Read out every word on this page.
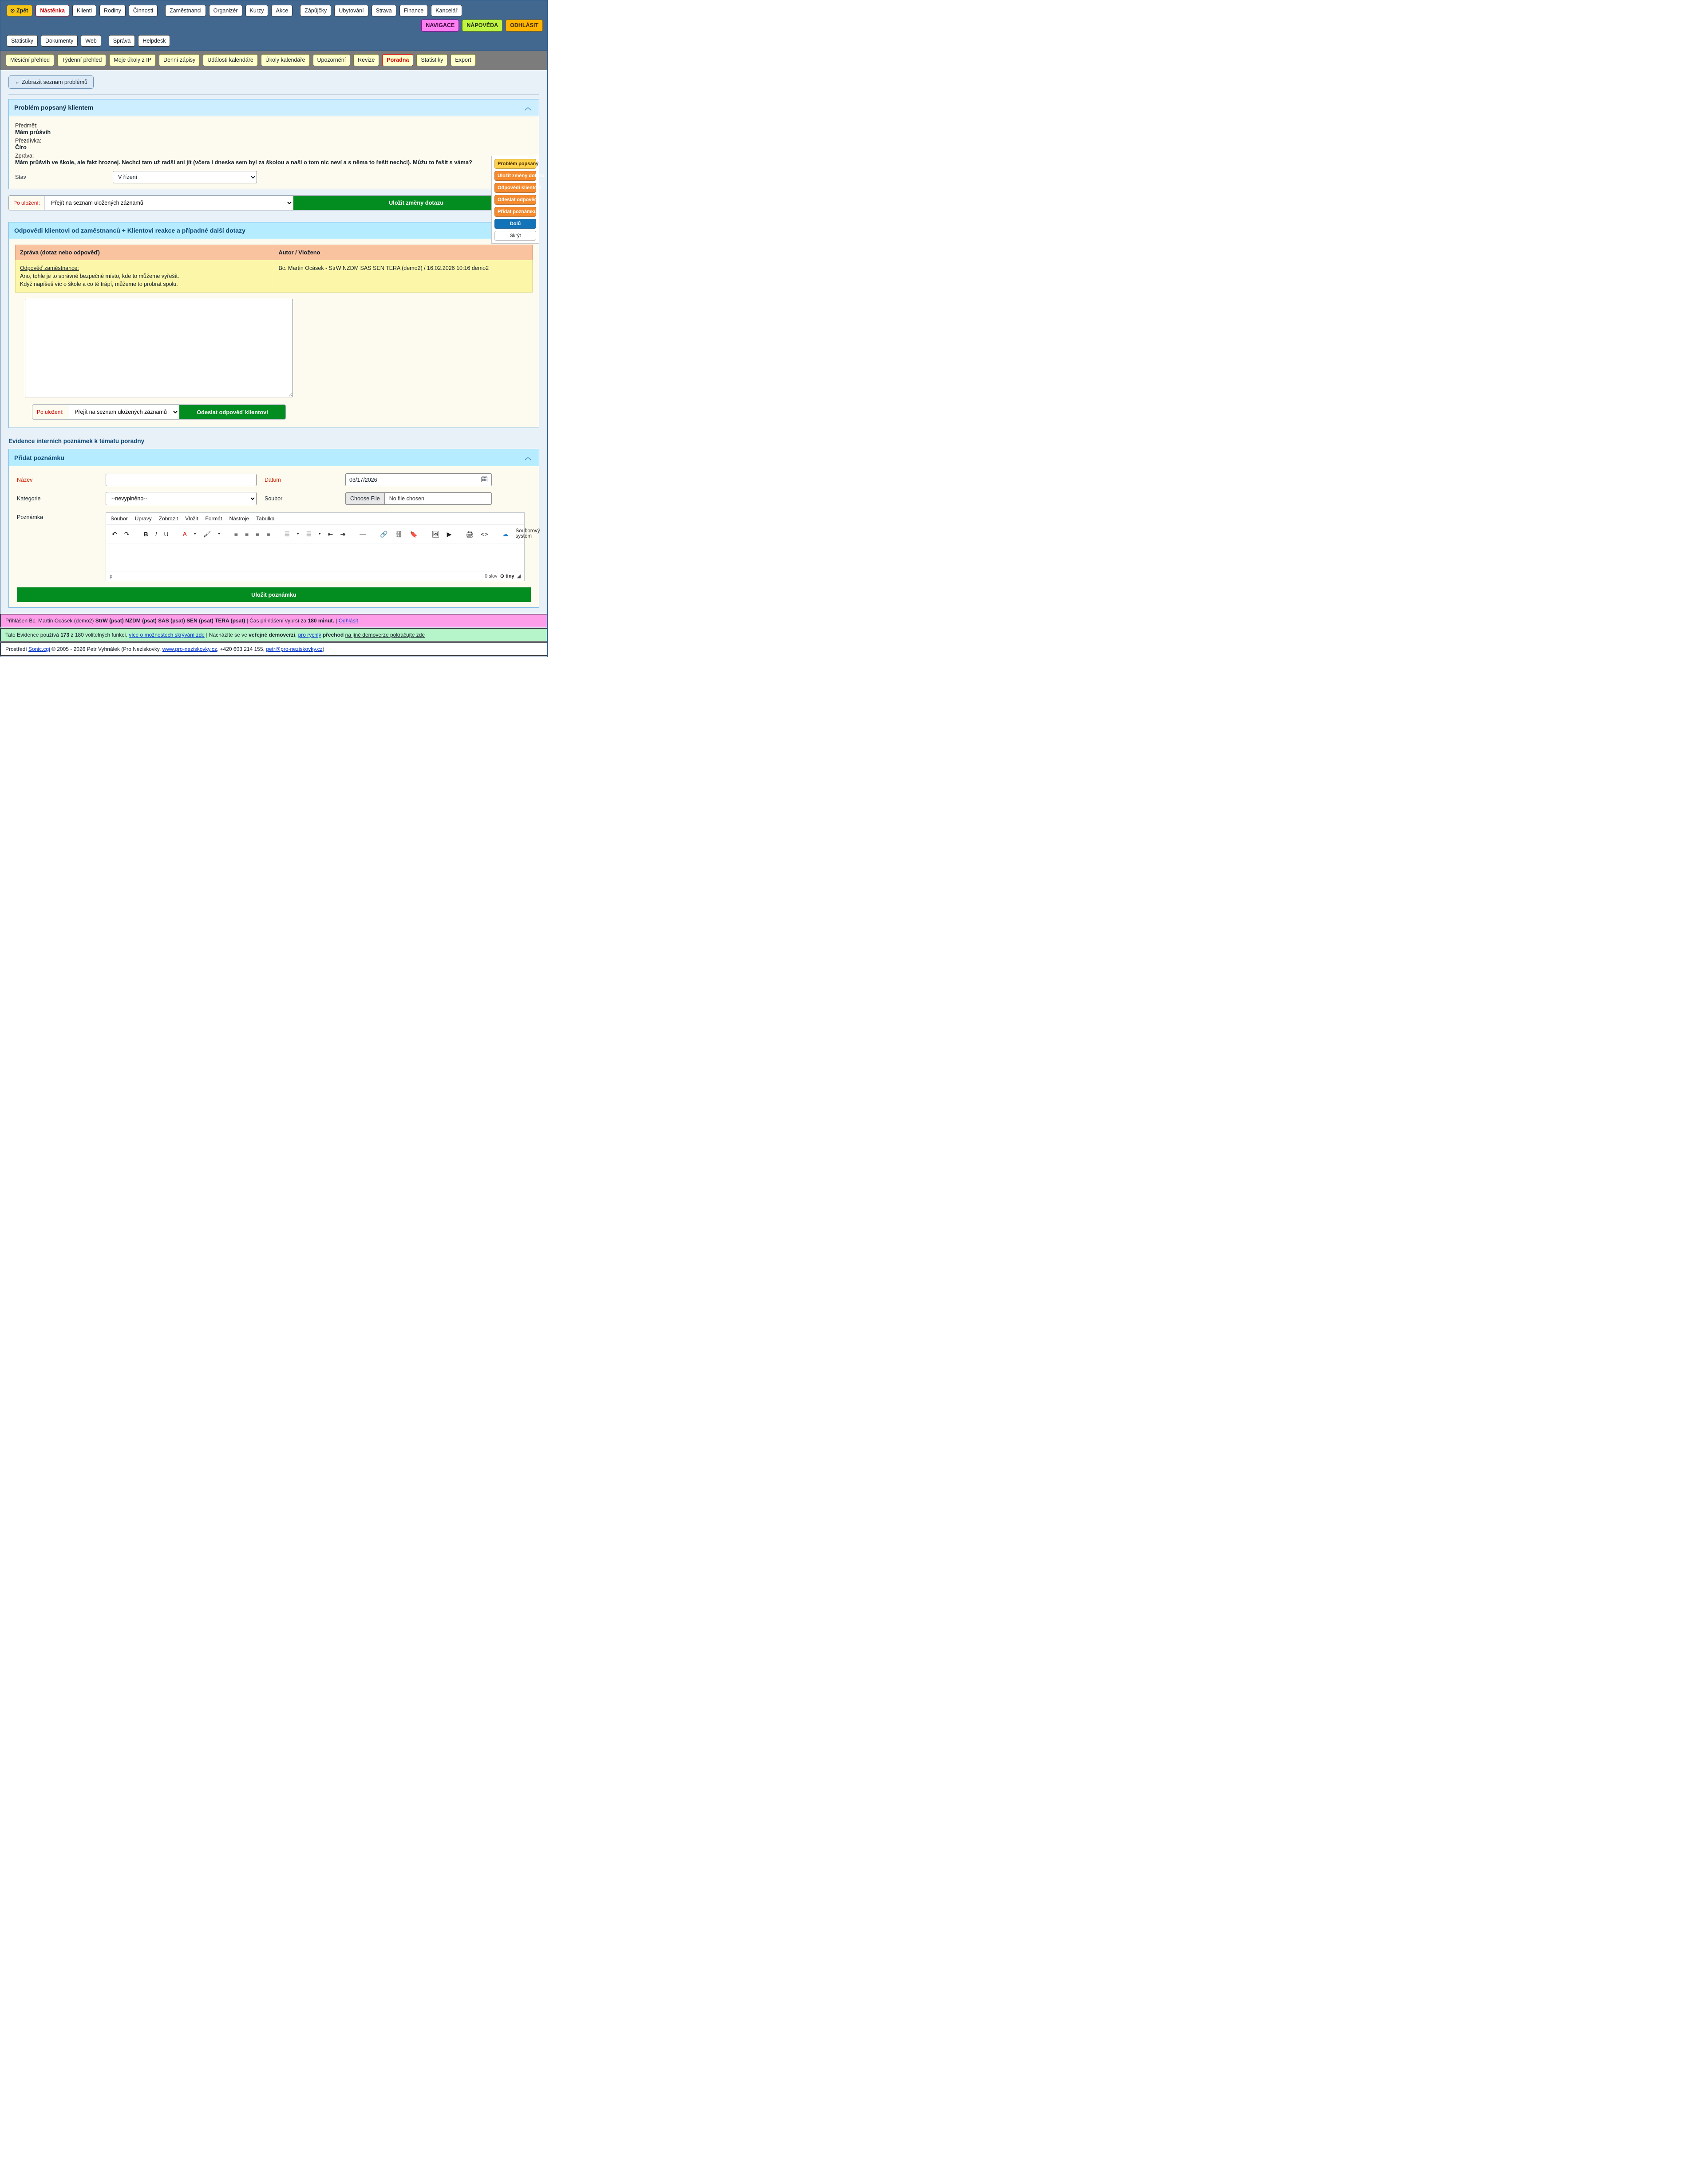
⊙ Zpět	Nástěnka	Klienti	Rodiny	Činnosti	Zaměstnanci	Organizér	Kurzy	Akce	Zápůjčky	Ubytování	Strava	Finance	Kancelář
NAVIGACE	NÁPOVĚDA	ODHLÁSIT
Statistiky	Dokumenty	Web	Správa	Helpdesk
Měsíční přehled	Týdenní přehled	Moje úkoly z IP	Denní zápisy	Události kalendáře	Úkoly kalendáře	Upozornění	Revize	Poradna	Statistiky	Export
← Zobrazit seznam problémů
Problém popsaný klientem	︿
Předmět:
Mám průšvih
Přezdívka:
Číro
Zpráva:
Mám průšvih ve škole, ale fakt hroznej. Nechci tam už radši ani jít (včera i dneska sem byl za školou a naši o tom nic neví a s něma to řešit nechci). Můžu to řešit s váma?
Stav
V řízení
Po uložení:
Přejít na seznam uložených záznamů	Uložit změny dotazu
Problém popsaný
Uložit změny dotazu
Odpovědi klientovi
Odeslat odpověď
Přidat poznámku
Dolů
Skrýt
Odpovědi klientovi od zaměstnanců + Klientovi reakce a případné další dotazy
Zpráva (dotaz nebo odpověď)	Autor / Vloženo

Odpověď zaměstnance:
Ano, tohle je to správné bezpečné místo, kde to můžeme vyřešit.
Když napíšeš víc o škole a co tě trápí, můžeme to probrat spolu.	Bc. Martin Ocásek - StrW NZDM SAS SEN TERA (demo2) / 16.02.2026 10:16 demo2
Po uložení:
Přejít na seznam uložených záznamů	Odeslat odpověď klientovi
Evidence interních poznámek k tématu poradny
Přidat poznámku	︿
Název	Datum	03/17/2026	🗓
Kategorie
--nevyplněno--	Soubor	Choose File	No file chosen
Poznámka	Soubor Úpravy Zobrazit Vložit Formát Nástroje Tabulka
↶	↷	B	I	U	A	▾	🖌	▾	≡	≡	≡	≡	☰	▾	☰	▾	⇤	⇥	—	🔗	⛓	🔖	🖼	▶	🖨	<>	☁	Souborový systém
p	0 slov ⊙ tiny ◢
Uložit poznámku
Přihlášen Bc. Martin Ocásek (demo2) StrW (psat) NZDM (psat) SAS (psat) SEN (psat) TERA (psat) | Čas přihlášení vyprší za 180 minut. | Odhlásit
Tato Evidence používá 173 z 180 volitelných funkcí, více o možnostech skrývání zde | Nacházíte se ve veřejné demoverzi, pro rychlý přechod na jiné demoverze pokračujte zde
Prostředí Sonic.cgi © 2005 - 2026 Petr Vyhnálek (Pro Neziskovky, www.pro-neziskovky.cz, +420 603 214 155, petr@pro-neziskovky.cz)
